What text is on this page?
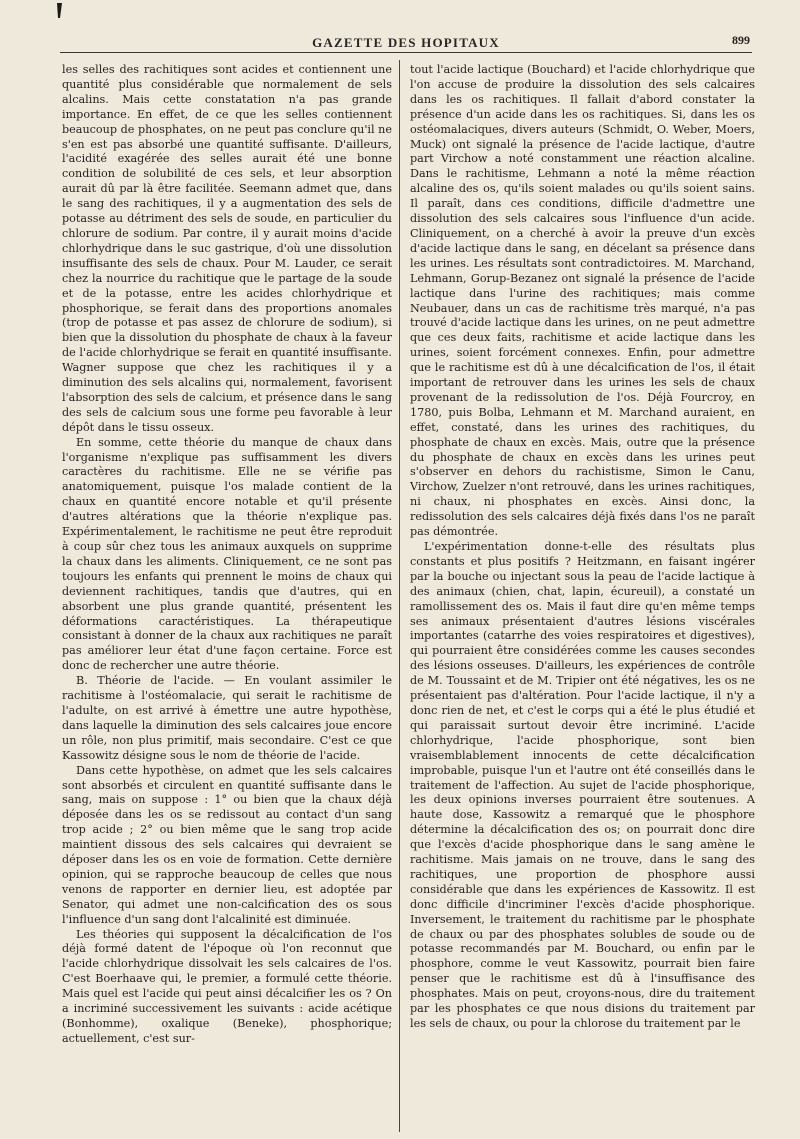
GAZETTE DES HOPITAUX	899

les selles des rachitiques sont acides et contiennent une quantité plus considérable que normalement de sels alcalins. Mais cette constatation n'a pas grande importance. En effet, de ce que les selles contiennent beaucoup de phosphates, on ne peut pas conclure qu'il ne s'en est pas absorbé une quantité suffisante. D'ailleurs, l'acidité exagérée des selles aurait été une bonne condition de solubilité de ces sels, et leur absorption aurait dû par là être facilitée. Seemann admet que, dans le sang des rachitiques, il y a augmentation des sels de potasse au détriment des sels de soude, en particulier du chlorure de sodium. Par contre, il y aurait moins d'acide chlorhydrique dans le suc gastrique, d'où une dissolution insuffisante des sels de chaux. Pour M. Lauder, ce serait chez la nourrice du rachitique que le partage de la soude et de la potasse, entre les acides chlorhydrique et phosphorique, se ferait dans des proportions anomales (trop de potasse et pas assez de chlorure de sodium), si bien que la dissolution du phosphate de chaux à la faveur de l'acide chlorhydrique se ferait en quantité insuffisante. Wagner suppose que chez les rachitiques il y a diminution des sels alcalins qui, normalement, favorisent l'absorption des sels de calcium, et présence dans le sang des sels de calcium sous une forme peu favorable à leur dépôt dans le tissu osseux.

En somme, cette théorie du manque de chaux dans l'organisme n'explique pas suffisamment les divers caractères du rachitisme. Elle ne se vérifie pas anatomiquement, puisque l'os malade contient de la chaux en quantité encore notable et qu'il présente d'autres altérations que la théorie n'explique pas. Expérimentalement, le rachitisme ne peut être reproduit à coup sûr chez tous les animaux auxquels on supprime la chaux dans les aliments. Cliniquement, ce ne sont pas toujours les enfants qui prennent le moins de chaux qui deviennent rachitiques, tandis que d'autres, qui en absorbent une plus grande quantité, présentent les déformations caractéristiques. La thérapeutique consistant à donner de la chaux aux rachitiques ne paraît pas améliorer leur état d'une façon certaine. Force est donc de rechercher une autre théorie.

B. Théorie de l'acide. — En voulant assimiler le rachitisme à l'ostéomalacie, qui serait le rachitisme de l'adulte, on est arrivé à émettre une autre hypothèse, dans laquelle la diminution des sels calcaires joue encore un rôle, non plus primitif, mais secondaire. C'est ce que Kassowitz désigne sous le nom de théorie de l'acide.

Dans cette hypothèse, on admet que les sels calcaires sont absorbés et circulent en quantité suffisante dans le sang, mais on suppose : 1° ou bien que la chaux déjà déposée dans les os se redissout au contact d'un sang trop acide ; 2° ou bien même que le sang trop acide maintient dissous des sels calcaires qui devraient se déposer dans les os en voie de formation. Cette dernière opinion, qui se rapproche beaucoup de celles que nous venons de rapporter en dernier lieu, est adoptée par Senator, qui admet une non-calcification des os sous l'influence d'un sang dont l'alcalinité est diminuée.

Les théories qui supposent la décalcification de l'os déjà formé datent de l'époque où l'on reconnut que l'acide chlorhydrique dissolvait les sels calcaires de l'os. C'est Boerhaave qui, le premier, a formulé cette théorie. Mais quel est l'acide qui peut ainsi décalcifier les os ? On a incriminé successivement les suivants : acide acétique (Bonhomme), oxalique (Beneke), phosphorique; actuellement, c'est sur-

tout l'acide lactique (Bouchard) et l'acide chlorhydrique que l'on accuse de produire la dissolution des sels calcaires dans les os rachitiques. Il fallait d'abord constater la présence d'un acide dans les os rachitiques. Si, dans les os ostéomalaciques, divers auteurs (Schmidt, O. Weber, Moers, Muck) ont signalé la présence de l'acide lactique, d'autre part Virchow a noté constamment une réaction alcaline. Dans le rachitisme, Lehmann a noté la même réaction alcaline des os, qu'ils soient malades ou qu'ils soient sains. Il paraît, dans ces conditions, difficile d'admettre une dissolution des sels calcaires sous l'influence d'un acide. Cliniquement, on a cherché à avoir la preuve d'un excès d'acide lactique dans le sang, en décelant sa présence dans les urines. Les résultats sont contradictoires. M. Marchand, Lehmann, Gorup-Bezanez ont signalé la présence de l'acide lactique dans l'urine des rachitiques; mais comme Neubauer, dans un cas de rachitisme très marqué, n'a pas trouvé d'acide lactique dans les urines, on ne peut admettre que ces deux faits, rachitisme et acide lactique dans les urines, soient forcément connexes. Enfin, pour admettre que le rachitisme est dû à une décalcification de l'os, il était important de retrouver dans les urines les sels de chaux provenant de la redissolution de l'os. Déjà Fourcroy, en 1780, puis Bolba, Lehmann et M. Marchand auraient, en effet, constaté, dans les urines des rachitiques, du phosphate de chaux en excès. Mais, outre que la présence du phosphate de chaux en excès dans les urines peut s'observer en dehors du rachistisme, Simon le Canu, Virchow, Zuelzer n'ont retrouvé, dans les urines rachitiques, ni chaux, ni phosphates en excès. Ainsi donc, la redissolution des sels calcaires déjà fixés dans l'os ne paraît pas démontrée.

L'expérimentation donne-t-elle des résultats plus constants et plus positifs ? Heitzmann, en faisant ingérer par la bouche ou injectant sous la peau de l'acide lactique à des animaux (chien, chat, lapin, écureuil), a constaté un ramollissement des os. Mais il faut dire qu'en même temps ses animaux présentaient d'autres lésions viscérales importantes (catarrhe des voies respiratoires et digestives), qui pourraient être considérées comme les causes secondes des lésions osseuses. D'ailleurs, les expériences de contrôle de M. Toussaint et de M. Tripier ont été négatives, les os ne présentaient pas d'altération. Pour l'acide lactique, il n'y a donc rien de net, et c'est le corps qui a été le plus étudié et qui paraissait surtout devoir être incriminé. L'acide chlorhydrique, l'acide phosphorique, sont bien vraisemblablement innocents de cette décalcification improbable, puisque l'un et l'autre ont été conseillés dans le traitement de l'affection. Au sujet de l'acide phosphorique, les deux opinions inverses pourraient être soutenues. A haute dose, Kassowitz a remarqué que le phosphore détermine la décalcification des os; on pourrait donc dire que l'excès d'acide phosphorique dans le sang amène le rachitisme. Mais jamais on ne trouve, dans le sang des rachitiques, une proportion de phosphore aussi considérable que dans les expériences de Kassowitz. Il est donc difficile d'incriminer l'excès d'acide phosphorique. Inversement, le traitement du rachitisme par le phosphate de chaux ou par des phosphates solubles de soude ou de potasse recommandés par M. Bouchard, ou enfin par le phosphore, comme le veut Kassowitz, pourrait bien faire penser que le rachitisme est dû à l'insuffisance des phosphates. Mais on peut, croyons-nous, dire du traitement par les phosphates ce que nous disions du traitement par les sels de chaux, ou pour la chlorose du traitement par le
